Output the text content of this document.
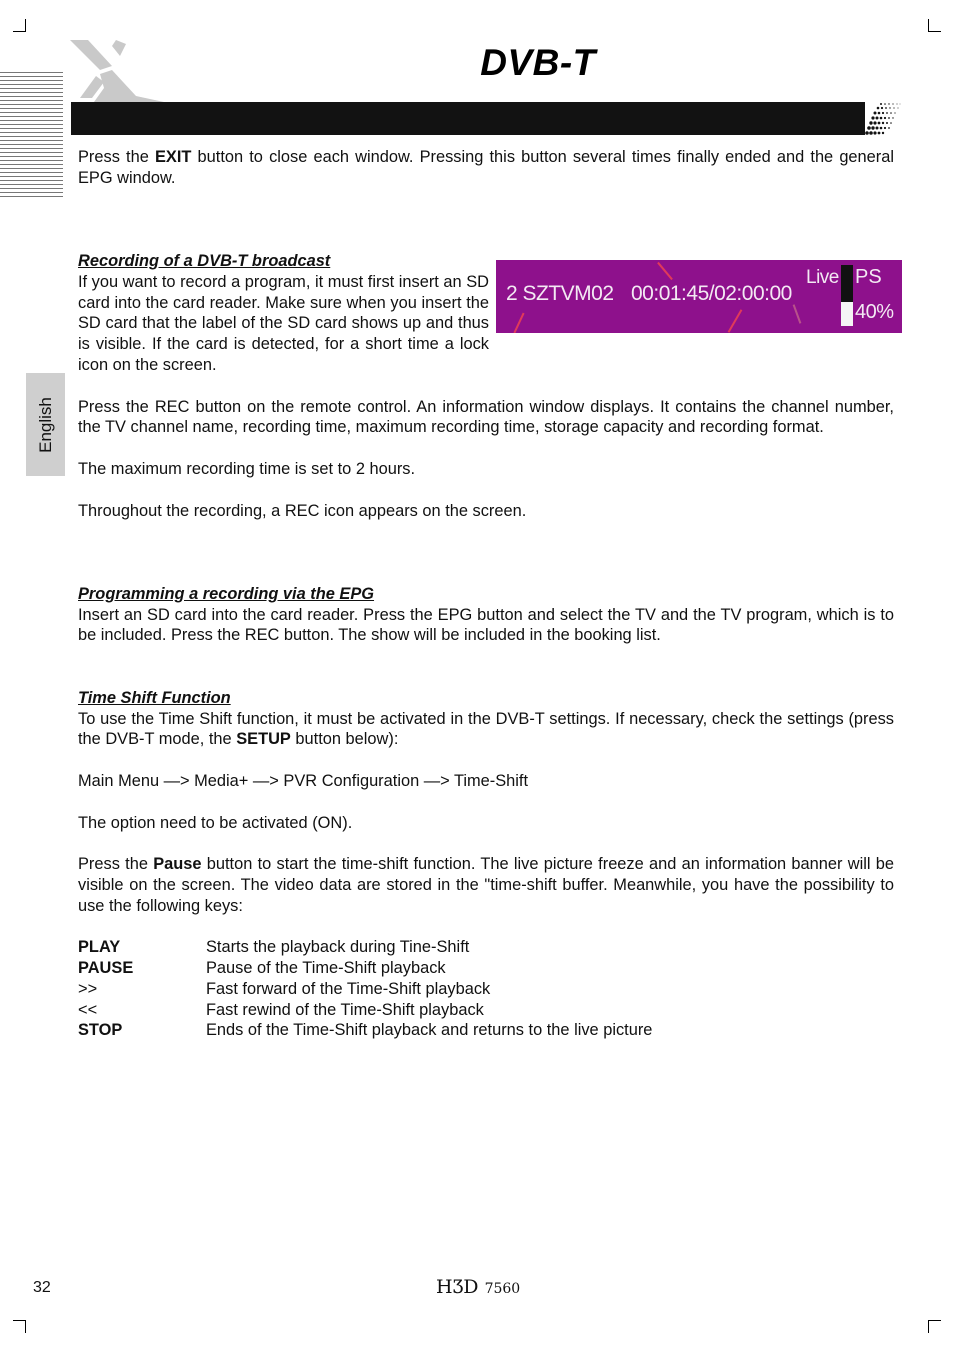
DVB-T
English

Press the EXIT button to close each window. Pressing this button several times finally ended and the general EPG window.

Recording of a DVB-T broadcast

If you want to record a program, it must first insert an SD card into the card reader. Make sure when you insert the SD card that the label of the SD card shows up and thus is visible. If the card is detected, for a short time a lock icon on the screen.

2 SZTVM02 00:01:45/02:00:00
Live PS
40%

Press the REC button on the remote control. An information window displays. It contains the channel number, the TV channel name, recording time, maximum recording time, storage capacity and recording format.

The maximum recording time is set to 2 hours.

Throughout the recording, a REC icon appears on the screen.

Programming a recording via the EPG

Insert an SD card into the card reader. Press the EPG button and select the TV and the TV program, which is to be included. Press the REC button. The show will be included in the booking list.

Time Shift Function

To use the Time Shift function, it must be activated in the DVB-T settings. If necessary, check the settings (press the DVB-T mode, the SETUP button below):

Main Menu —> Media+ —> PVR Configuration —> Time-Shift

The option need to be activated (ON).

Press the Pause button to start the time-shift function. The live picture freeze and an information banner will be visible on the screen. The video data are stored in the "time-shift buffer. Meanwhile, you have the possibility to use the following keys:

PLAY	Starts the playback during Tine-Shift
PAUSE	Pause of the Time-Shift playback
>>	Fast forward of the Time-Shift playback
<<	Fast rewind of the Time-Shift playback
STOP	Ends of the Time-Shift playback and returns to the live picture
32	HƷD 7560
